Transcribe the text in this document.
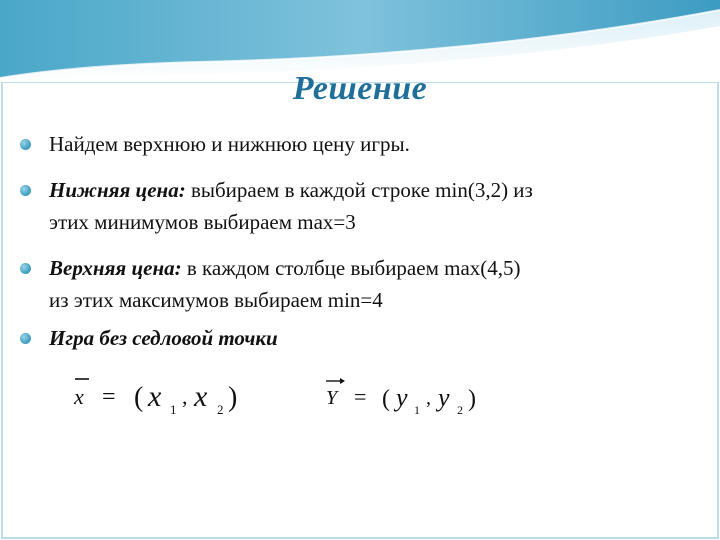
Решение
Найдем верхнюю и нижнюю цену игры.
Нижняя цена: выбираем в каждой строке min(3,2) из
этих минимумов выбираем max=3
Верхняя цена: в каждом столбце выбираем max(4,5)
из этих максимумов выбираем min=4
Игра без седловой точки
x = ( x 1
, x 2 )	Y = ( y 1
, y 2 )
